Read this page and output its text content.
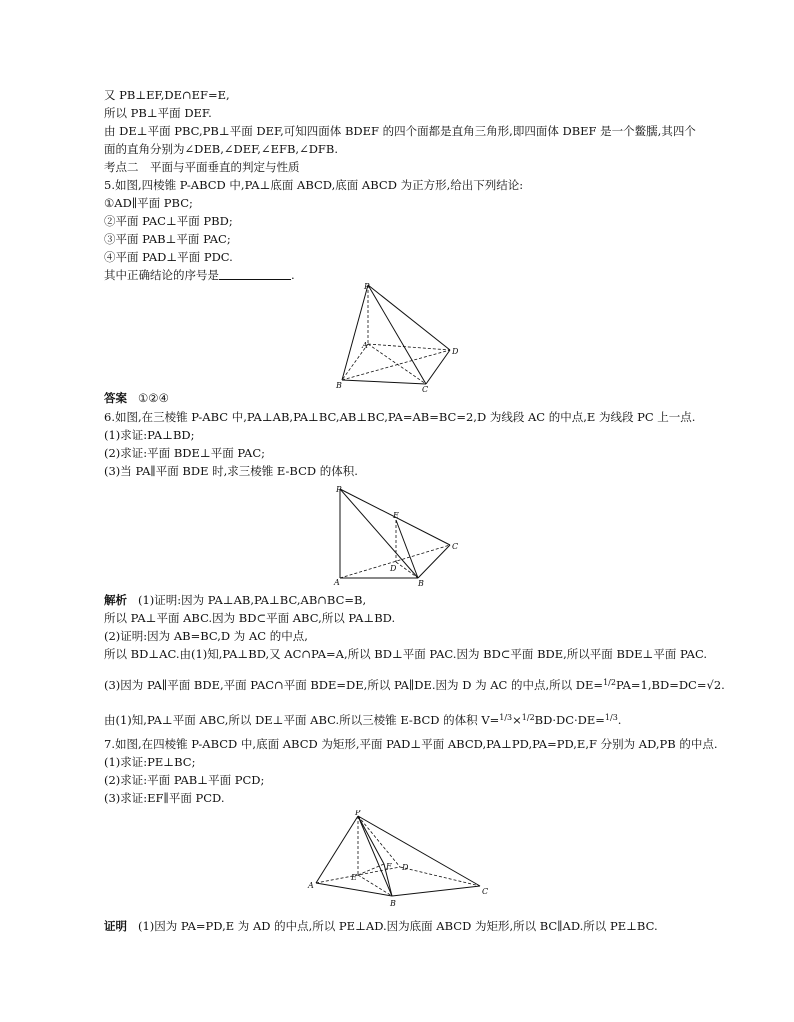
又 PB⊥EF,DE∩EF=E,
所以 PB⊥平面 DEF.
由 DE⊥平面 PBC,PB⊥平面 DEF,可知四面体 BDEF 的四个面都是直角三角形,即四面体 DBEF 是一个鳖臑,其四个
面的直角分别为∠DEB,∠DEF,∠EFB,∠DFB.
考点二　平面与平面垂直的判定与性质
5.如图,四棱锥 P-ABCD 中,PA⊥底面 ABCD,底面 ABCD 为正方形,给出下列结论:
①AD∥平面 PBC;
②平面 PAC⊥平面 PBD;
③平面 PAB⊥平面 PAC;
④平面 PAD⊥平面 PDC.
其中正确结论的序号是	.
P
A
B	C
D
答案 ①②④
6.如图,在三棱锥 P-ABC 中,PA⊥AB,PA⊥BC,AB⊥BC,PA=AB=BC=2,D 为线段 AC 的中点,E 为线段 PC 上一点.
(1)求证:PA⊥BD;
(2)求证:平面 BDE⊥平面 PAC;
(3)当 PA∥平面 BDE 时,求三棱锥 E-BCD 的体积.
P
E
C
D
A	B
解析 (1)证明:因为 PA⊥AB,PA⊥BC,AB∩BC=B,
所以 PA⊥平面 ABC.因为 BD⊂平面 ABC,所以 PA⊥BD.
(2)证明:因为 AB=BC,D 为 AC 的中点,
所以 BD⊥AC.由(1)知,PA⊥BD,又 AC∩PA=A,所以 BD⊥平面 PAC.因为 BD⊂平面 BDE,所以平面 BDE⊥平面 PAC.
(3)因为 PA∥平面 BDE,平面 PAC∩平面 BDE=DE,所以 PA∥DE.因为 D 为 AC 的中点,所以 DE=1/2PA=1,BD=DC=√2.
由(1)知,PA⊥平面 ABC,所以 DE⊥平面 ABC.所以三棱锥 E-BCD 的体积 V=1/3×1/2BD·DC·DE=1/3.
7.如图,在四棱锥 P-ABCD 中,底面 ABCD 为矩形,平面 PAD⊥平面 ABCD,PA⊥PD,PA=PD,E,F 分别为 AD,PB 的中点.
(1)求证:PE⊥BC;
(2)求证:平面 PAB⊥平面 PCD;
(3)求证:EF∥平面 PCD.
P
D
E
F
A
B
C
证明 (1)因为 PA=PD,E 为 AD 的中点,所以 PE⊥AD.因为底面 ABCD 为矩形,所以 BC∥AD.所以 PE⊥BC.
